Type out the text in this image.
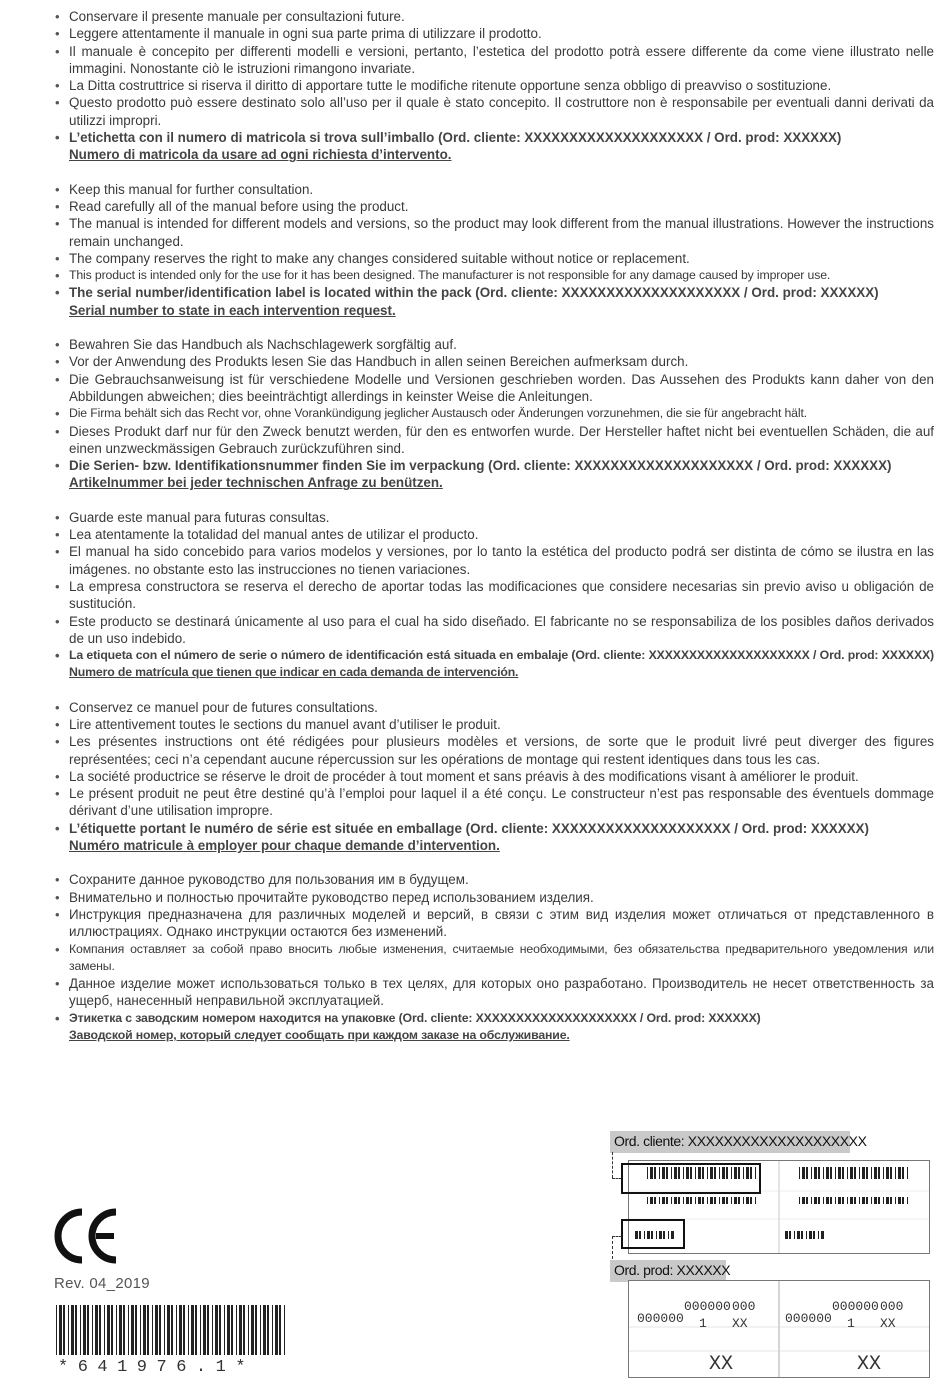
• Conservare il presente manuale per consultazioni future.
• Leggere attentamente il manuale in ogni sua parte prima di utilizzare il prodotto.
• Il manuale è concepito per differenti modelli e versioni, pertanto, l’estetica del prodotto potrà essere differente da come viene illustrato nelle immagini. Nonostante ciò le istruzioni rimangono invariate.
• La Ditta costruttrice si riserva il diritto di apportare tutte le modifiche ritenute opportune senza obbligo di preavviso o sostituzione.
• Questo prodotto può essere destinato solo all’uso per il quale è stato concepito. Il costruttore non è responsabile per eventuali danni derivati da utilizzi impropri.
• L’etichetta con il numero di matricola si trova sull’imballo (Ord. cliente: XXXXXXXXXXXXXXXXXXXX / Ord. prod: XXXXXX)
Numero di matricola da usare ad ogni richiesta d’intervento.
• Keep this manual for further consultation.
• Read carefully all of the manual before using the product.
• The manual is intended for different models and versions, so the product may look different from the manual illustrations. However the instructions remain unchanged.
• The company reserves the right to make any changes considered suitable without notice or replacement.
• This product is intended only for the use for it has been designed. The manufacturer is not responsible for any damage caused by improper use.
• The serial number/identification label is located within the pack (Ord. cliente: XXXXXXXXXXXXXXXXXXXX / Ord. prod: XXXXXX)
Serial number to state in each intervention request.
• Bewahren Sie das Handbuch als Nachschlagewerk sorgfältig auf.
• Vor der Anwendung des Produkts lesen Sie das Handbuch in allen seinen Bereichen aufmerksam durch.
• Die Gebrauchsanweisung ist für verschiedene Modelle und Versionen geschrieben worden. Das Aussehen des Produkts kann daher von den Abbildungen abweichen; dies beeinträchtigt allerdings in keinster Weise die Anleitungen.
• Die Firma behält sich das Recht vor, ohne Vorankündigung jeglicher Austausch oder Änderungen vorzunehmen, die sie für angebracht hält.
• Dieses Produkt darf nur für den Zweck benutzt werden, für den es entworfen wurde. Der Hersteller haftet nicht bei eventuellen Schäden, die auf einen unzweckmässigen Gebrauch zurückzuführen sind.
• Die Serien- bzw. Identifikationsnummer finden Sie im verpackung (Ord. cliente: XXXXXXXXXXXXXXXXXXXX / Ord. prod: XXXXXX)
Artikelnummer bei jeder technischen Anfrage zu benützen.
• Guarde este manual para futuras consultas.
• Lea atentamente la totalidad del manual antes de utilizar el producto.
• El manual ha sido concebido para varios modelos y versiones, por lo tanto la estética del producto podrá ser distinta de cómo se ilustra en las imágenes. no obstante esto las instrucciones no tienen variaciones.
• La empresa constructora se reserva el derecho de aportar todas las modificaciones que considere necesarias sin previo aviso u obligación de sustitución.
• Este producto se destinará únicamente al uso para el cual ha sido diseñado. El fabricante no se responsabiliza de los posibles daños derivados de un uso indebido.
• La etiqueta con el número de serie o número de identificación está situada en embalaje (Ord. cliente: XXXXXXXXXXXXXXXXXXXX / Ord. prod: XXXXXX) Numero de matrícula que tienen que indicar en cada demanda de intervención.
• Conservez ce manuel pour de futures consultations.
• Lire attentivement toutes le sections du manuel avant d’utiliser le produit.
• Les présentes instructions ont été rédigées pour plusieurs modèles et versions, de sorte que le produit livré peut diverger des figures représentées; ceci n’a cependant aucune répercussion sur les opérations de montage qui restent identiques dans tous les cas.
• La société productrice se réserve le droit de procéder à tout moment et sans préavis à des modifications visant à améliorer le produit.
• Le présent produit ne peut être destiné qu’à l’emploi pour laquel il a été conçu. Le constructeur n’est pas responsable des éventuels dommage dérivant d’une utilisation impropre.
• L’étiquette portant le numéro de série est située en emballage (Ord. cliente: XXXXXXXXXXXXXXXXXXXX / Ord. prod: XXXXXX)
Numéro matricule à employer pour chaque demande d’intervention.
• Сохраните данное руководство для пользования им в будущем.
• Внимательно и полностью прочитайте руководство перед использованием изделия.
• Инструкция предназначена для различных моделей и версий, в связи с этим вид изделия может отличаться от представленного в иллюстрациях. Однако инструкции остаются без изменений.
• Компания оставляет за собой право вносить любые изменения, считаемые необходимыми, без обязательства предварительного уведомления или замены.
• Данное изделие может использоваться только в тех целях, для которых оно разработано. Производитель не несет ответственность за ущерб, нанесенный неправильной эксплуатацией.
• Этикетка с заводским номером находится на упаковке (Ord. cliente: XXXXXXXXXXXXXXXXXXXX / Ord. prod: XXXXXX)
Заводской номер, который следует сообщать при каждом заказе на обслуживание.
Rev. 04_2019
*641976.1*
Ord. cliente: XXXXXXXXXXXXXXXXXXXX
Ord. prod: XXXXXX
000000
000000 000
1 XX
XX
000000
000000 000
1 XX
XX
